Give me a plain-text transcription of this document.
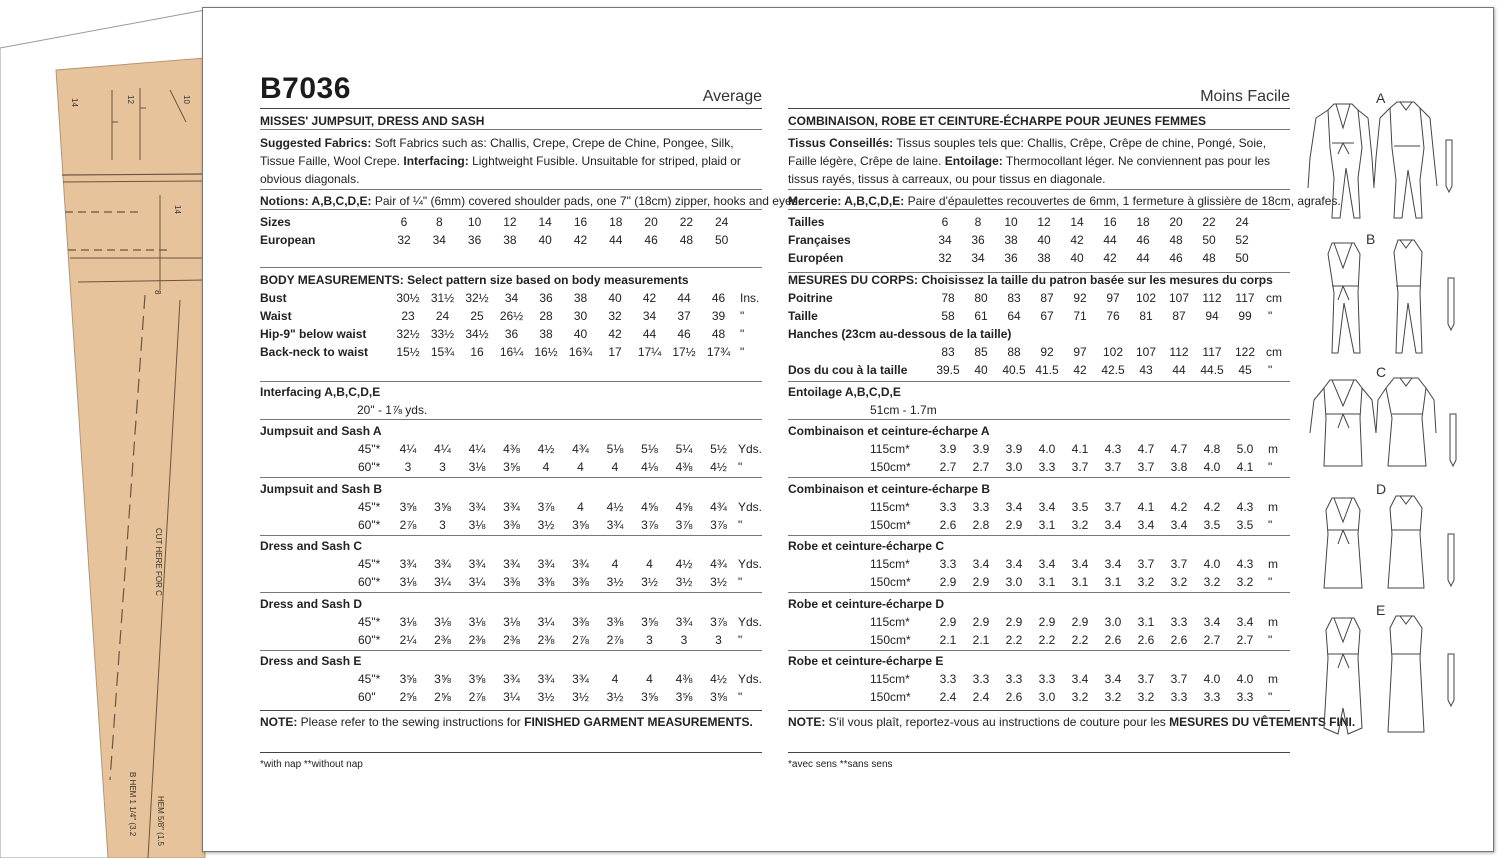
14	12	10
14
8
CUT HERE FOR C
B HEM 1 1/4" (3.2 HEM 5/8" (1.5
B7036	Average
MISSES' JUMPSUIT, DRESS AND SASH
Suggested Fabrics: Soft Fabrics such as: Challis, Crepe, Crepe de Chine, Pongee, Silk, Tissue Faille, Wool Crepe. Interfacing: Lightweight Fusible. Unsuitable for striped, plaid or obvious diagonals.
Notions: A,B,C,D,E: Pair of ¼" (6mm) covered shoulder pads, one 7" (18cm) zipper, hooks and eyes.
Sizes	6	8	10	12	14	16	18	20	22	24
European	32	34	36	38	40	42	44	46	48	50
BODY MEASUREMENTS: Select pattern size based on body measurements
Bust	30½ 31½ 32½	34	36	38	40	42	44	46	Ins.
Waist	23	24	25	26½	28	30	32	34	37	39	"
Hip-9" below waist	32½ 33½ 34½	36	38	40	42	44	46	48	"
Back-neck to waist	15½ 15¾	16	16¼ 16½ 16¾	17	17¼ 17½ 17¾ "
Interfacing A,B,C,D,E
20" - 1⅞ yds.
Jumpsuit and Sash A
45"*	4¼	4¼	4¼	4⅜	4½	4¾	5⅛	5⅛	5¼	5½ Yds.
60"*	3	3	3⅛	3⅝	4	4	4	4⅛	4⅜	4½ "
Jumpsuit and Sash B
45"*	3⅝	3⅝	3¾	3¾	3⅞	4	4½	4⅝	4⅝	4¾ Yds.
60"*	2⅞	3	3⅛	3⅜	3½	3⅝	3¾	3⅞	3⅞	3⅞ "
Dress and Sash C
45"*	3¾	3¾	3¾	3¾	3¾	3¾	4	4	4½	4¾ Yds.
60"*	3⅛	3¼	3¼	3⅜	3⅜	3⅜	3½	3½	3½	3½ "
Dress and Sash D
45"*	3⅛	3⅛	3⅛	3⅛	3¼	3⅜	3⅜	3⅝	3¾	3⅞ Yds.
60"*	2¼	2⅜	2⅜	2⅜	2⅜	2⅞	2⅞	3	3	3	"
Dress and Sash E
45"*	3⅝	3⅝	3⅝	3¾	3¾	3¾	4	4	4⅜	4½ Yds.
60"	2⅝	2⅝	2⅞	3¼	3½	3½	3½	3⅝	3⅝	3⅝ "
NOTE: Please refer to the sewing instructions for FINISHED GARMENT MEASUREMENTS.
*with nap **without nap
Moins Facile
COMBINAISON, ROBE ET CEINTURE-ÉCHARPE POUR JEUNES FEMMES
Tissus Conseillés: Tissus souples tels que: Challis, Crêpe, Crêpe de chine, Pongé, Soie, Faille légère, Crêpe de laine. Entoilage: Thermocollant léger. Ne conviennent pas pour les tissus rayés, tissus à carreaux, ou pour tissus en diagonale.
Mercerie: A,B,C,D,E: Paire d'épaulettes recouvertes de 6mm, 1 fermeture à glissière de 18cm, agrafes.
Tailles	6	8	10	12	14	16	18	20	22	24
Françaises	34	36	38	40	42	44	46	48	50	52
Européen	32	34	36	38	40	42	44	46	48	50
MESURES DU CORPS: Choisissez la taille du patron basée sur les mesures du corps
Poitrine	78	80	83	87	92	97	102	107	112	117 cm
Taille	58	61	64	67	71	76	81	87	94	99	"
Hanches (23cm au-dessous de la taille)
83	85	88	92	97	102	107	112	117	122 cm
Dos du cou à la taille	39.5	40	40.5 41.5	42	42.5	43	44	44.5	45	"
Entoilage A,B,C,D,E
51cm - 1.7m
Combinaison et ceinture-écharpe A
115cm*	3.9	3.9	3.9	4.0	4.1	4.3	4.7	4.7	4.8	5.0	m
150cm*	2.7	2.7	3.0	3.3	3.7	3.7	3.7	3.8	4.0	4.1	"
Combinaison et ceinture-écharpe B
115cm*	3.3	3.3	3.4	3.4	3.5	3.7	4.1	4.2	4.2	4.3	m
150cm*	2.6	2.8	2.9	3.1	3.2	3.4	3.4	3.4	3.5	3.5	"
Robe et ceinture-écharpe C
115cm*	3.3	3.4	3.4	3.4	3.4	3.4	3.7	3.7	4.0	4.3	m
150cm*	2.9	2.9	3.0	3.1	3.1	3.1	3.2	3.2	3.2	3.2	"
Robe et ceinture-écharpe D
115cm*	2.9	2.9	2.9	2.9	2.9	3.0	3.1	3.3	3.4	3.4	m
150cm*	2.1	2.1	2.2	2.2	2.2	2.6	2.6	2.6	2.7	2.7	"
Robe et ceinture-écharpe E
115cm*	3.3	3.3	3.3	3.3	3.4	3.4	3.7	3.7	4.0	4.0	m
150cm*	2.4	2.4	2.6	3.0	3.2	3.2	3.2	3.3	3.3	3.3	"
NOTE: S'il vous plaît, reportez-vous au instructions de couture pour les MESURES DU VÊTEMENTS FINI.
*avec sens **sans sens
A
B
C
D
E
